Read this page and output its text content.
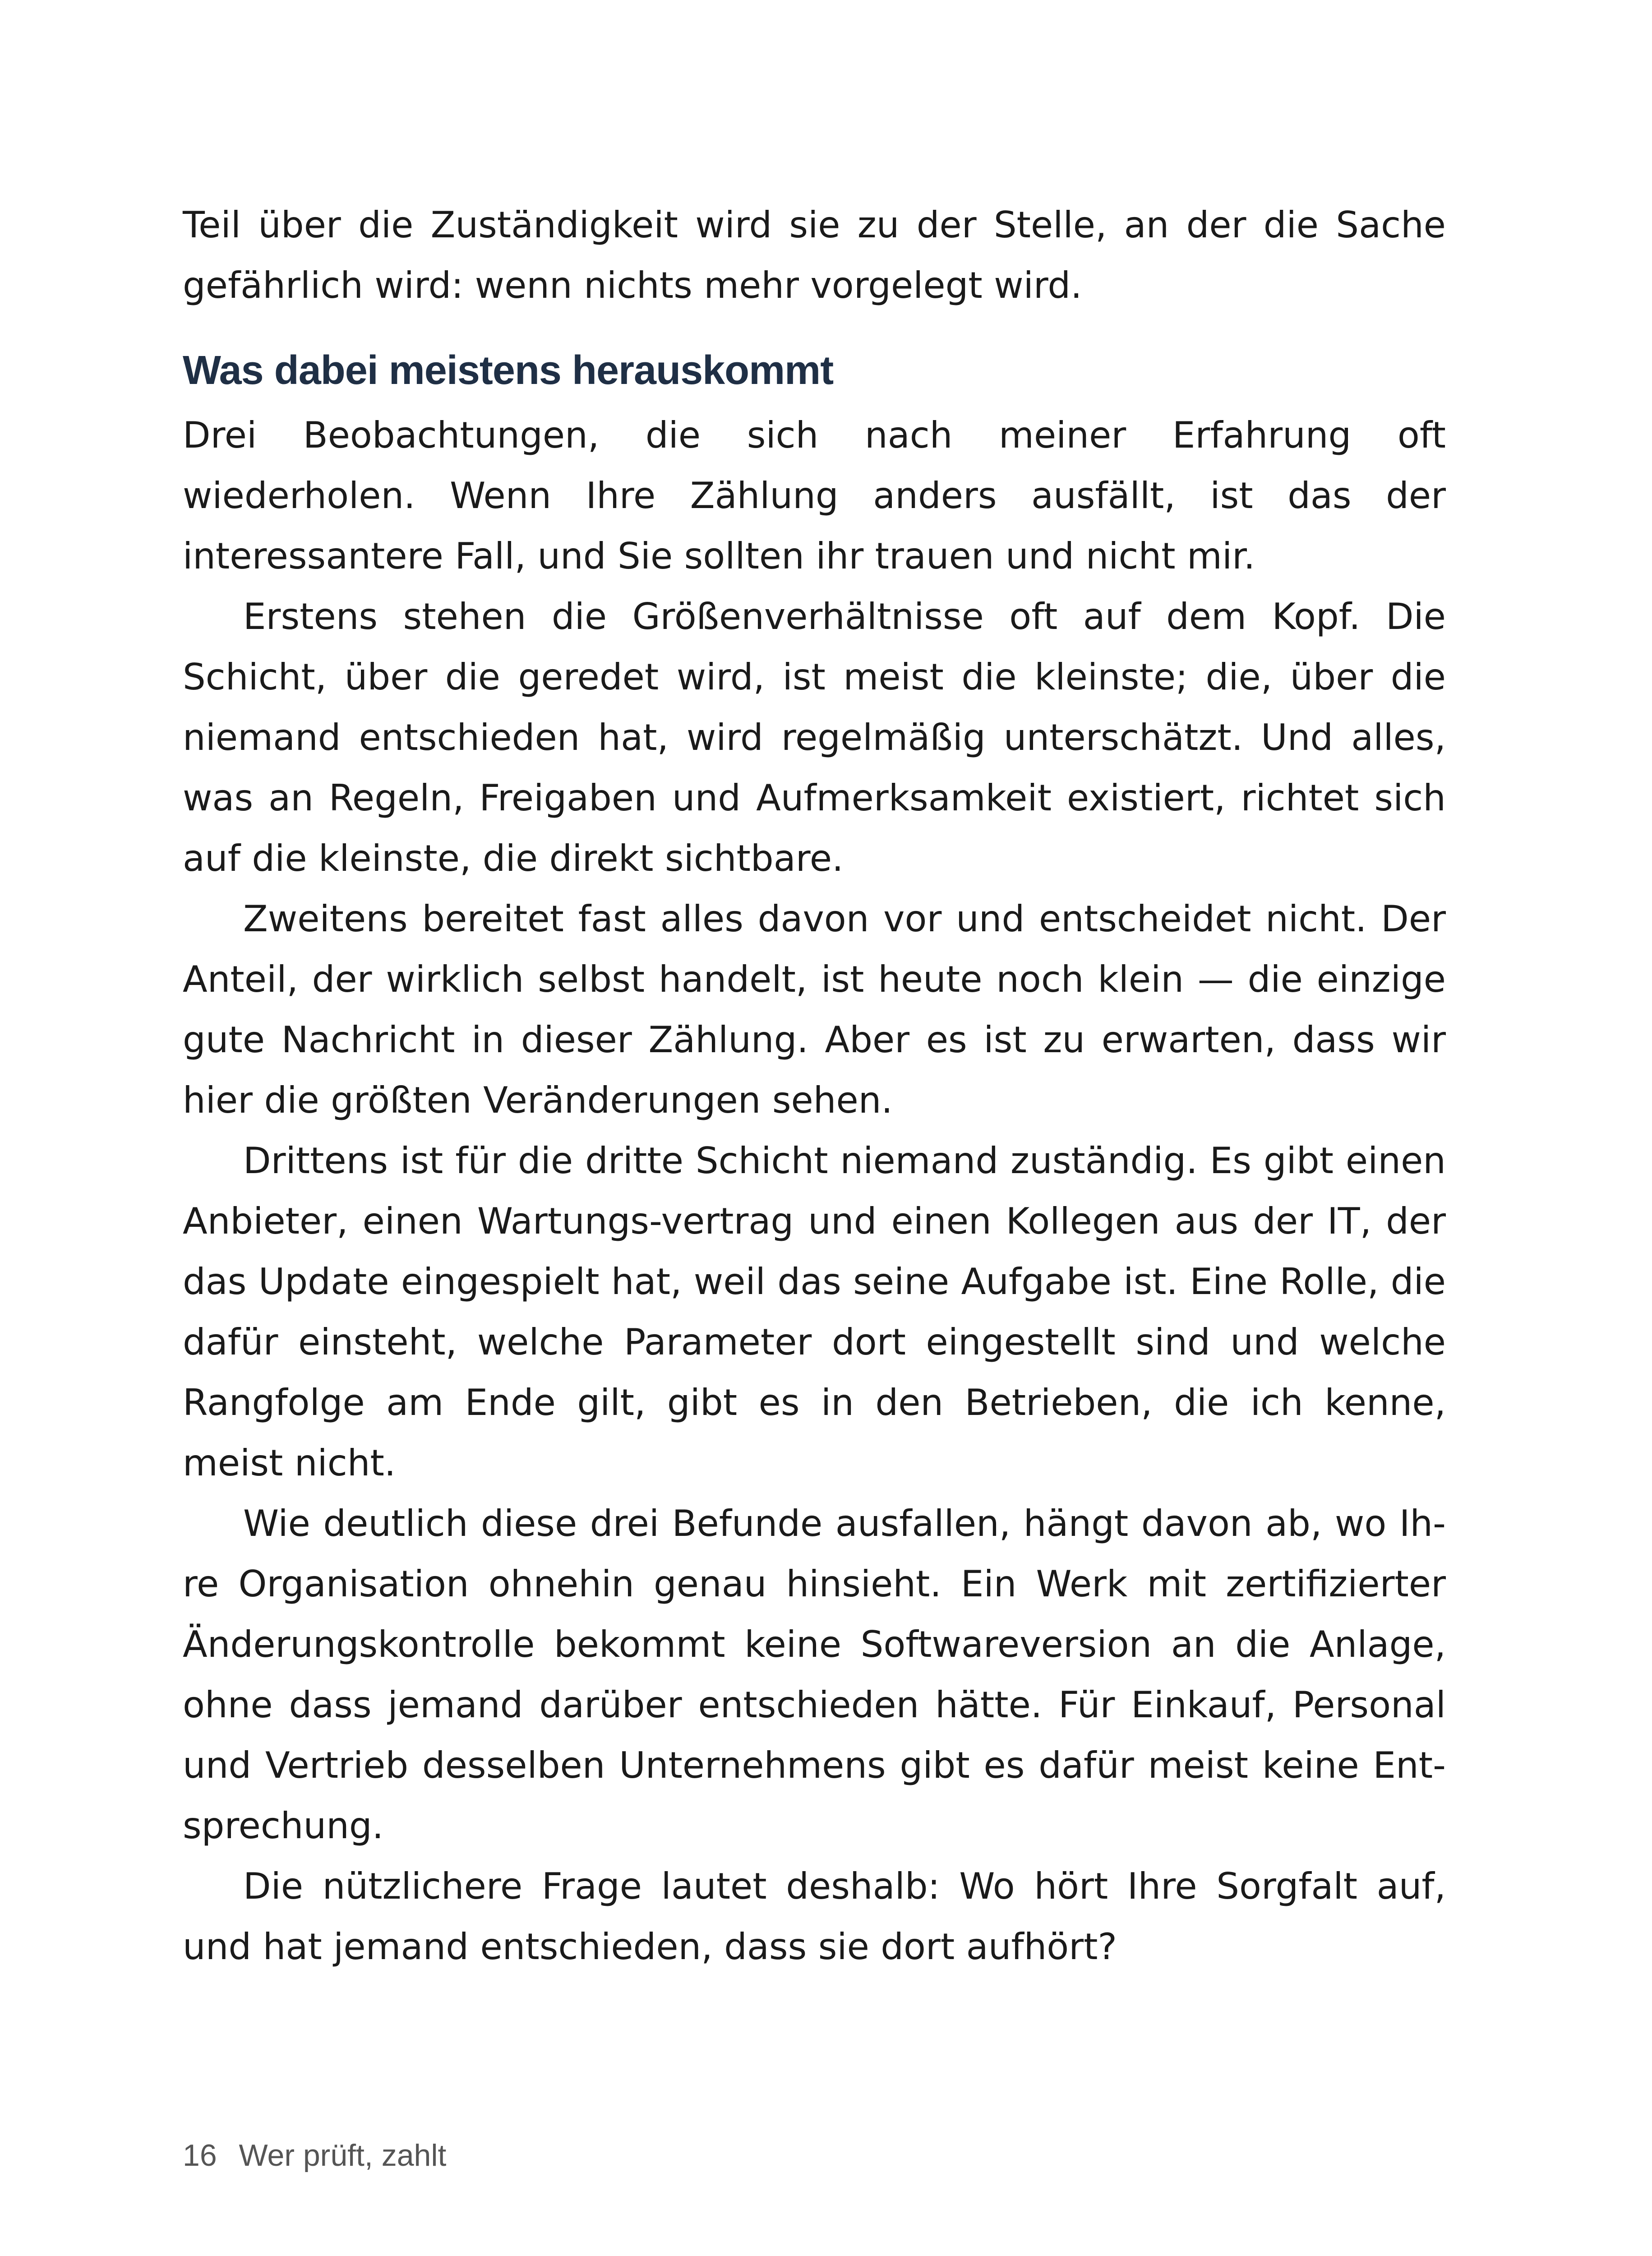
Teil über die Zuständigkeit wird sie zu der Stelle, an der die Sache gefährlich wird: wenn nichts mehr vorgelegt wird.

Was dabei meistens herauskommt

Drei Beobachtungen, die sich nach meiner Erfahrung oft wiederholen. Wenn Ihre Zählung anders ausfällt, ist das der interessantere Fall, und Sie sollten ihr trauen und nicht mir.

Erstens stehen die Größenverhältnisse oft auf dem Kopf. Die Schicht, über die geredet wird, ist meist die kleinste; die, über die niemand entschieden hat, wird regelmäßig unterschätzt. Und alles, was an Regeln, Freigaben und Aufmerksamkeit existiert, richtet sich auf die kleinste, die direkt sichtbare.

Zweitens bereitet fast alles davon vor und entscheidet nicht. Der Anteil, der wirklich selbst handelt, ist heute noch klein — die einzige gute Nachricht in dieser Zählung. Aber es ist zu erwarten, dass wir hier die größten Veränderungen sehen.

Drittens ist für die dritte Schicht niemand zuständig. Es gibt einen Anbieter, einen Wartungs-vertrag und einen Kollegen aus der IT, der das Update eingespielt hat, weil das seine Aufgabe ist. Eine Rolle, die dafür einsteht, welche Parameter dort eingestellt sind und welche Rangfolge am Ende gilt, gibt es in den Betrieben, die ich kenne, meist nicht.

Wie deutlich diese drei Befunde ausfallen, hängt davon ab, wo Ihre Organisation ohnehin genau hinsieht. Ein Werk mit zertifizierter Änderungskontrolle bekommt keine Softwareversion an die Anlage, ohne dass jemand darüber entschieden hätte. Für Einkauf, Personal und Vertrieb desselben Unternehmens gibt es dafür meist keine Entsprechung.

Die nützlichere Frage lautet deshalb: Wo hört Ihre Sorgfalt auf, und hat jemand entschieden, dass sie dort aufhört?

16 Wer prüft, zahlt
